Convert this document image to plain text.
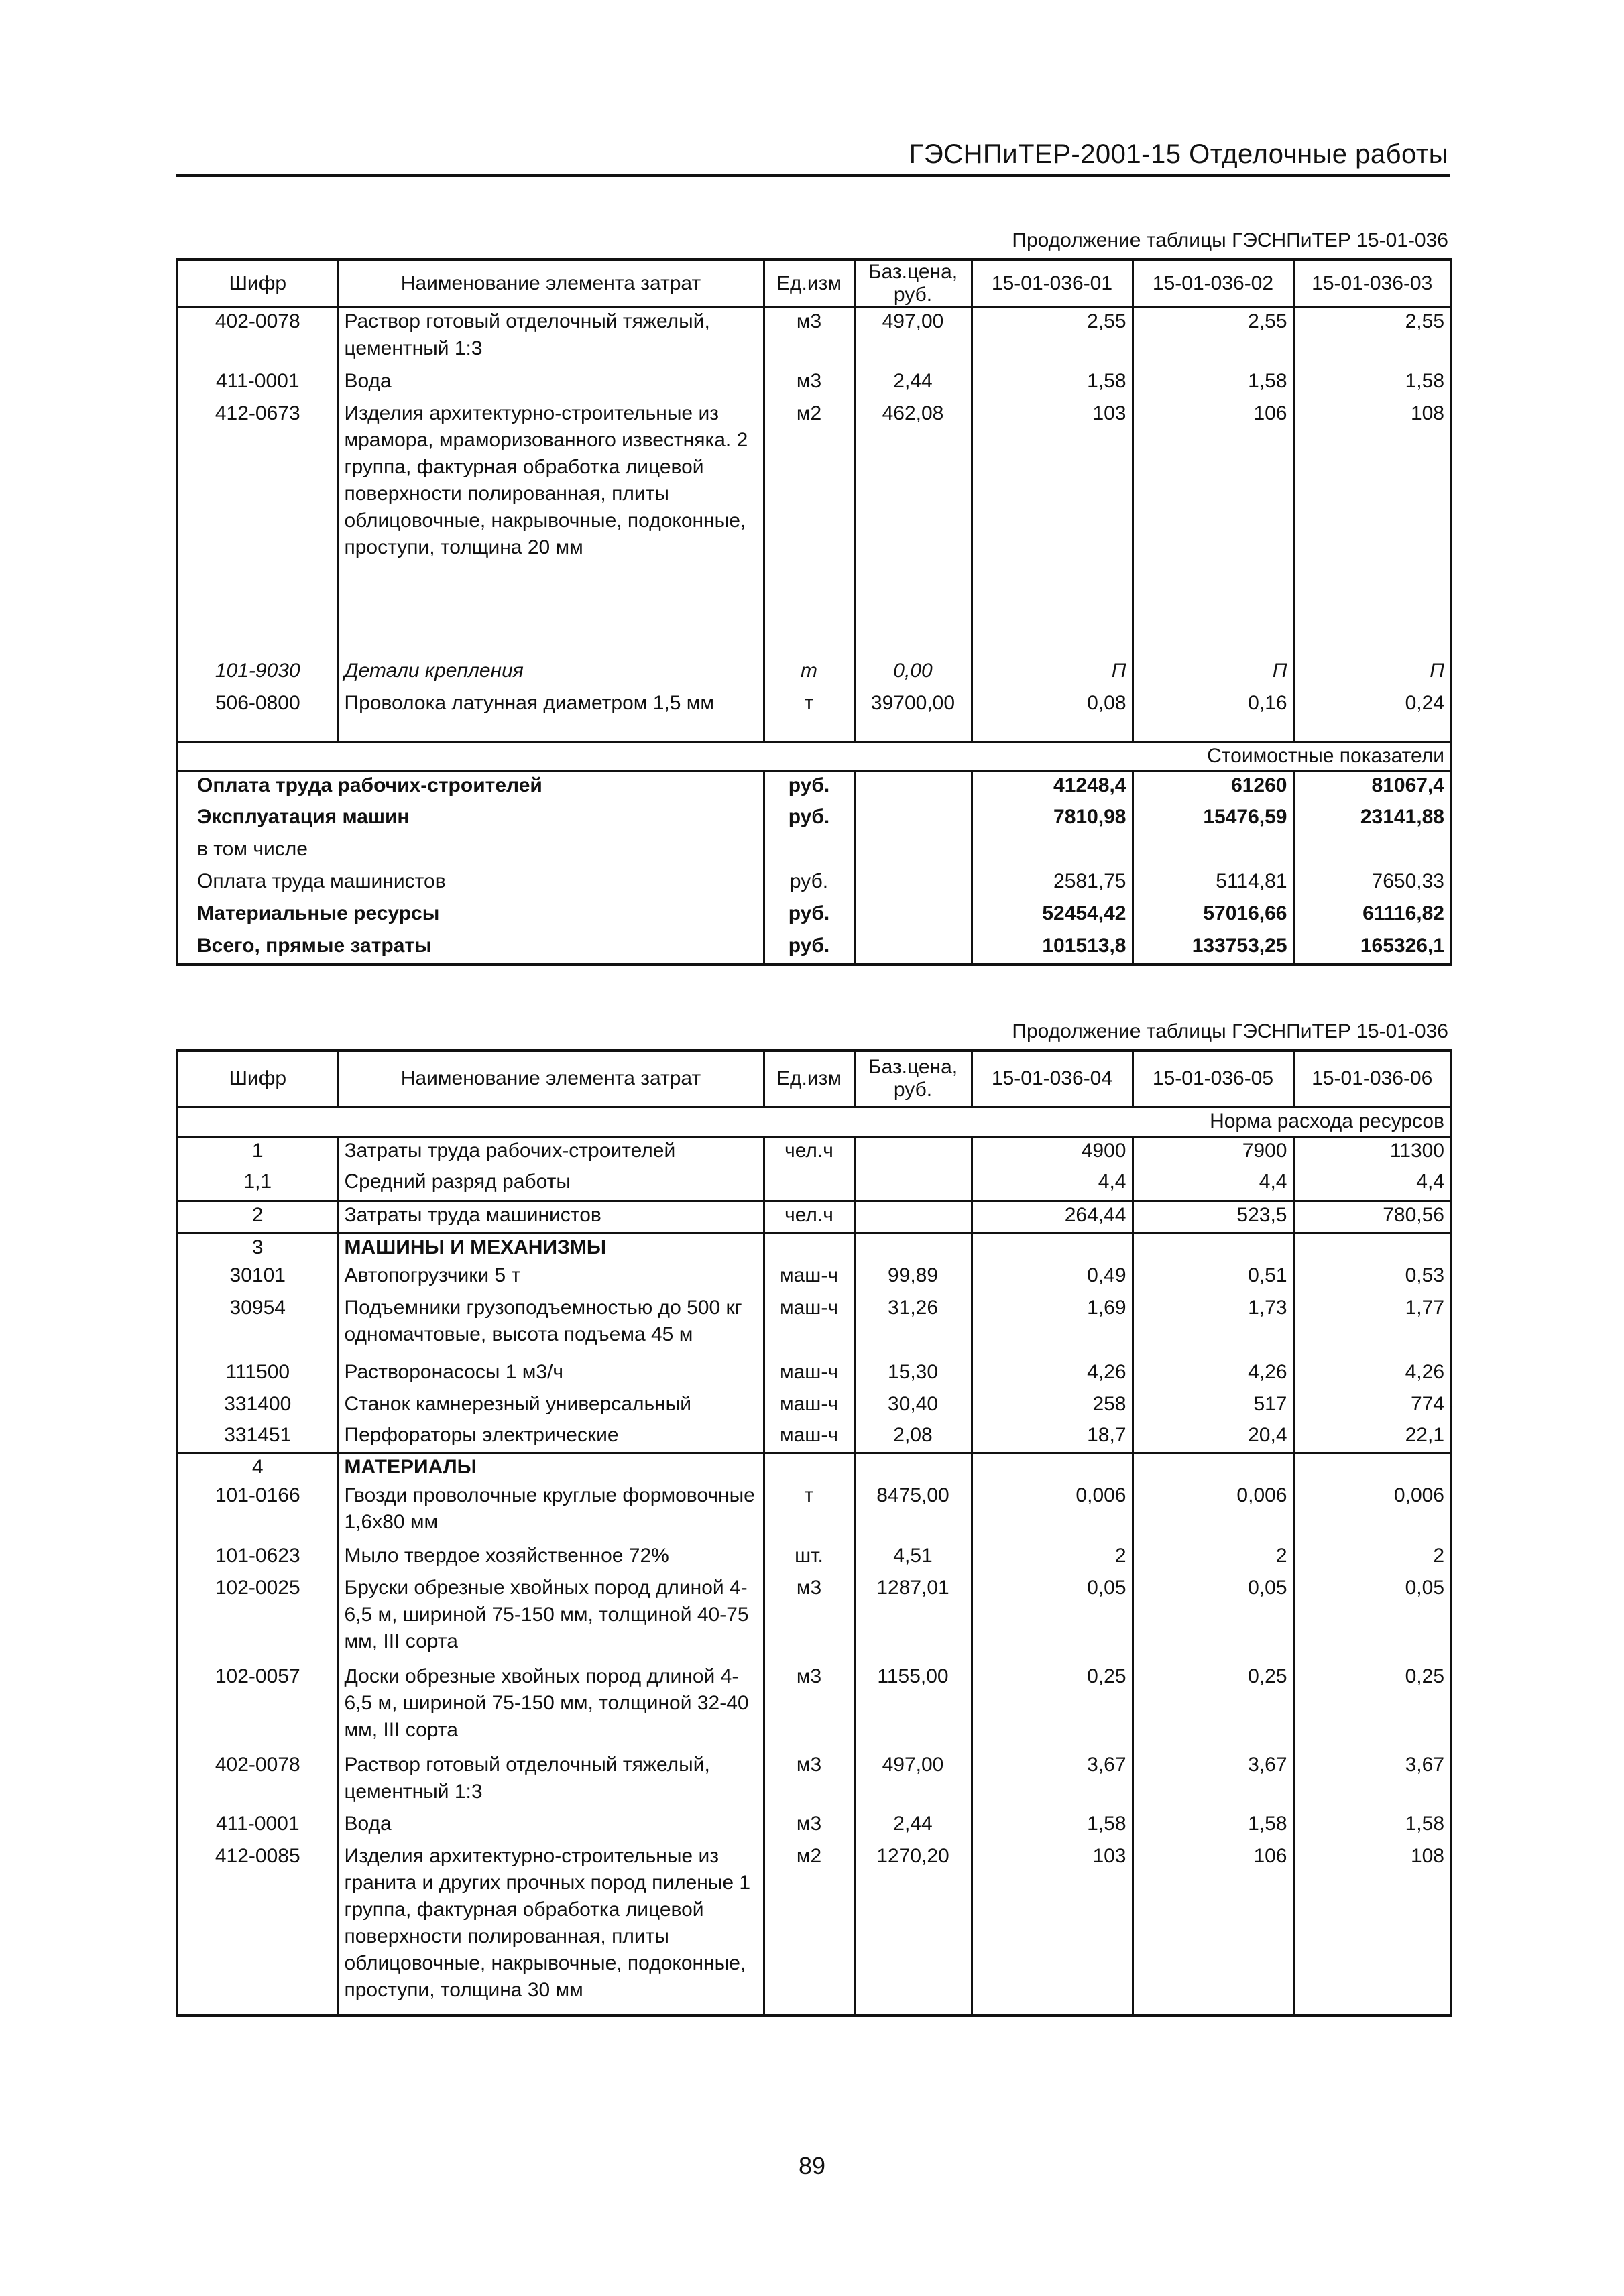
ГЭСНПиТЕР-2001-15 Отделочные работы
Продолжение таблицы ГЭСНПиТЕР 15-01-036
Шифр	Наименование элемента затрат	Ед.изм	Баз.цена, руб.	15-01-036-01	15-01-036-02	15-01-036-03
402-0078	Раствор готовый отделочный тяжелый, цементный 1:3	м3	497,00	2,55	2,55	2,55
411-0001	Вода	м3	2,44	1,58	1,58	1,58
412-0673	Изделия архитектурно-строительные из мрамора, мраморизованного известняка. 2 группа, фактурная обработка лицевой поверхности полированная, плиты облицовочные, накрывочные, подоконные, проступи, толщина 20 мм	м2	462,08	103	106	108
101-9030	Детали крепления	т	0,00	П	П	П
506-0800	Проволока латунная диаметром 1,5 мм	т	39700,00	0,08	0,16	0,24
Стоимостные показатели						
Оплата труда рабочих-строителей		руб.		41248,4	61260	81067,4
Эксплуатация машин		руб.		7810,98	15476,59	23141,88
в том числе						
Оплата труда машинистов		руб.		2581,75	5114,81	7650,33
Материальные ресурсы		руб.		52454,42	57016,66	61116,82
Всего, прямые затраты		руб.		101513,8	133753,25	165326,1
Продолжение таблицы ГЭСНПиТЕР 15-01-036
Шифр	Наименование элемента затрат	Ед.изм	Баз.цена, руб.	15-01-036-04	15-01-036-05	15-01-036-06
Норма расхода ресурсов						
1	Затраты труда рабочих-строителей	чел.ч		4900	7900	11300
1,1	Средний разряд работы			4,4	4,4	4,4
2	Затраты труда машинистов	чел.ч		264,44	523,5	780,56
3	МАШИНЫ И МЕХАНИЗМЫ					
30101	Автопогрузчики 5 т	маш-ч	99,89	0,49	0,51	0,53
30954	Подъемники грузоподъемностью до 500 кг одномачтовые, высота подъема 45 м	маш-ч	31,26	1,69	1,73	1,77
111500	Растворонасосы 1 м3/ч	маш-ч	15,30	4,26	4,26	4,26
331400	Станок камнерезный универсальный	маш-ч	30,40	258	517	774
331451	Перфораторы электрические	маш-ч	2,08	18,7	20,4	22,1
4	МАТЕРИАЛЫ					
101-0166	Гвозди проволочные круглые формовочные 1,6х80 мм	т	8475,00	0,006	0,006	0,006
101-0623	Мыло твердое хозяйственное 72%	шт.	4,51	2	2	2
102-0025	Бруски обрезные хвойных пород длиной 4-6,5 м, шириной 75-150 мм, толщиной 40-75 мм, III сорта	м3	1287,01	0,05	0,05	0,05
102-0057	Доски обрезные хвойных пород длиной 4-6,5 м, шириной 75-150 мм, толщиной 32-40 мм, III сорта	м3	1155,00	0,25	0,25	0,25
402-0078	Раствор готовый отделочный тяжелый, цементный 1:3	м3	497,00	3,67	3,67	3,67
411-0001	Вода	м3	2,44	1,58	1,58	1,58
412-0085	Изделия архитектурно-строительные из гранита и других прочных пород пиленые 1 группа, фактурная обработка лицевой поверхности полированная, плиты облицовочные, накрывочные, подоконные, проступи, толщина 30 мм	м2	1270,20	103	106	108
89
